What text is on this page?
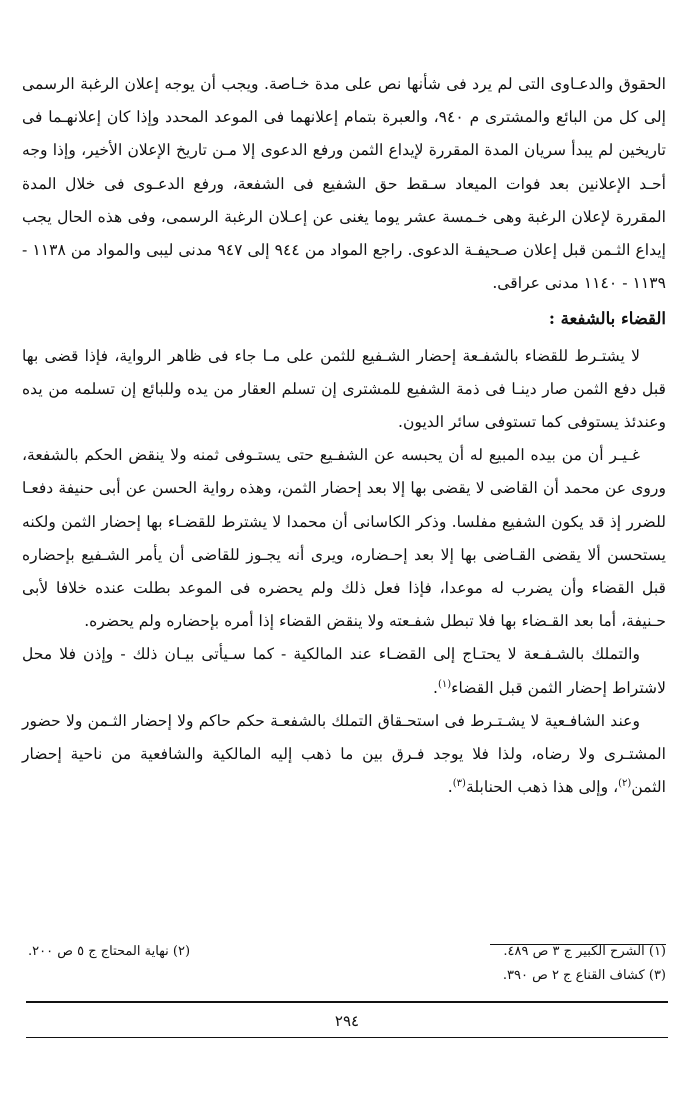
الحقوق والدعـاوى التى لم يرد فى شأنها نص على مدة خـاصة. ويجب أن يوجه إعلان الرغبة الرسمى إلى كل من البائع والمشترى م ٩٤٠، والعبرة بتمام إعلانهما فى الموعد المحدد وإذا كان إعلانهـما فى تاريخين لم يبدأ سريان المدة المقررة لإيداع الثمن ورفع الدعوى إلا مـن تاريخ الإعلان الأخير، وإذا وجه أحـد الإعلانين بعد فوات الميعاد سـقط حق الشفيع فى الشفعة، ورفع الدعـوى فى خلال المدة المقررة لإعلان الرغبة وهى خـمسة عشر يوما يغنى عن إعـلان الرغبة الرسمى، وفى هذه الحال يجب إيداع الثـمن قبل إعلان صـحيفـة الدعوى. راجع المواد من ٩٤٤ إلى ٩٤٧ مدنى ليبى والمواد من ١١٣٨ - ١١٣٩ - ١١٤٠ مدنى عراقى.

القضاء بالشفعة :

لا يشتـرط للقضاء بالشفـعة إحضار الشـفيع للثمن على مـا جاء فى ظاهر الرواية، فإذا قضى بها قبل دفع الثمن صار دينـا فى ذمة الشفيع للمشترى إن تسلم العقار من يده وللبائع إن تسلمه من يده وعندئذ يستوفى كما تستوفى سائر الديون.

غـيـر أن من بيده المبيع له أن يحبسه عن الشفـيع حتى يستـوفى ثمنه ولا ينقض الحكم بالشفعة، وروى عن محمد أن القاضى لا يقضى بها إلا بعد إحضار الثمن، وهذه رواية الحسن عن أبى حنيفة دفعـا للضرر إذ قد يكون الشفيع مفلسا. وذكر الكاسانى أن محمدا لا يشترط للقضـاء بها إحضار الثمن ولكنه يستحسن ألا يقضى القـاضى بها إلا بعد إحـضاره، ويرى أنه يجـوز للقاضى أن يأمر الشـفيع بإحضاره قبل القضاء وأن يضرب له موعدا، فإذا فعل ذلك ولم يحضره فى الموعد بطلت عنده خلافا لأبى حـنيفة، أما بعد القـضاء بها فلا تبطل شفـعته ولا ينقض القضاء إذا أمره بإحضاره ولم يحضره.

والتملك بالشـفـعة لا يحتـاج إلى القضـاء عند المالكية - كما سـيأتى بيـان ذلك - وإذن فلا محل لاشتراط إحضار الثمن قبل القضاء$^{(١)}$.

وعند الشافـعية لا يشـتـرط فى استحـقاق التملك بالشفعـة حكم حاكم ولا إحضار الثـمن ولا حضور المشتـرى ولا رضاه، ولذا فلا يوجد فـرق بين ما ذهب إليه المالكية والشافعية من ناحية إحضار الثمن$^{(٢)}$، وإلى هذا ذهب الحنابلة$^{(٣)}$.

(١) الشرح الكبير ج ٣ ص ٤٨٩.
(٢) نهاية المحتاج ج ٥ ص ٢٠٠.
(٣) كشاف القناع ج ٢ ص ٣٩٠.
٢٩٤
